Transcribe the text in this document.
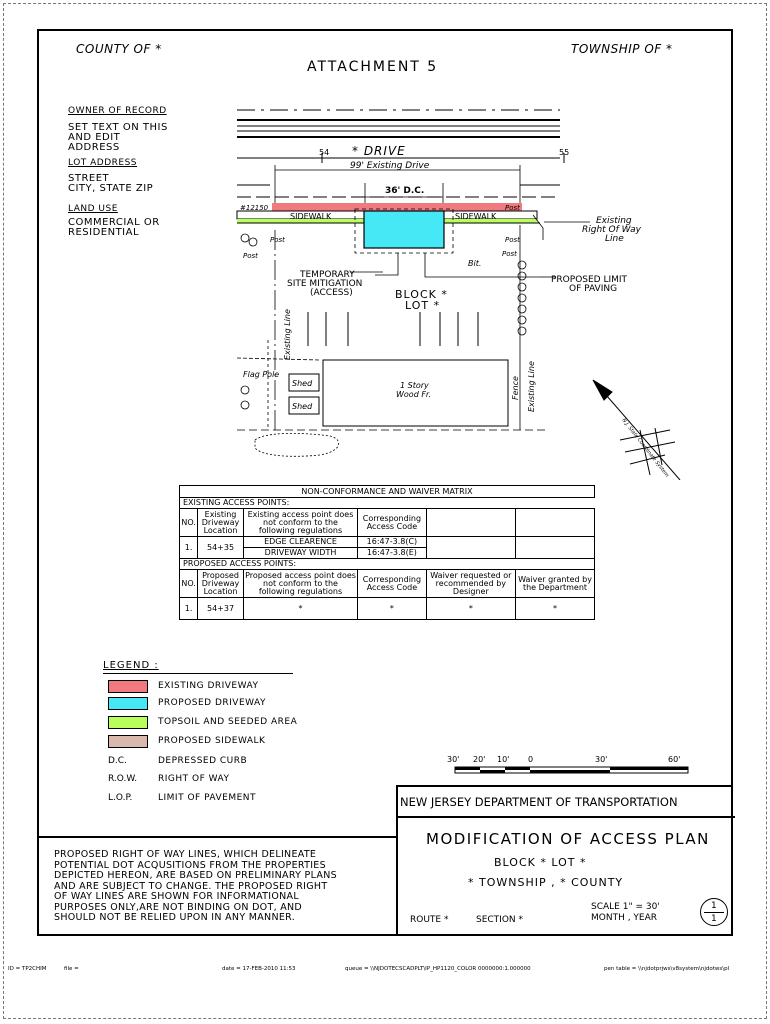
COUNTY OF *	TOWNSHIP OF *
ATTACHMENT 5
OWNER OF RECORD
SET TEXT ON THIS
AND EDIT
ADDRESS
LOT ADDRESS
STREET
CITY, STATE ZIP
LAND USE
COMMERCIAL OR
RESIDENTIAL
54	55
* DRIVE
99' Existing Drive
36' D.C.
#12150
SIDEWALK	SIDEWALK
Post
Post
Post
Post
Post
Existing
Right Of Way
Line
TEMPORARY
SITE MITIGATION
(ACCESS)	BLOCK *
LOT *
Bit.
PROPOSED LIMIT
OF PAVING
Existing Line
Flag Pole
Shed
Shed
1 Story
Wood Fr.	Fence Existing Line
N.J. State Coordinate System
NON-CONFORMANCE AND WAIVER MATRIX					
EXISTING ACCESS POINTS:					
NO.	Existing Driveway Location	Existing access point does not conform to the following regulations	Corresponding Access Code		
1.	54+35	EDGE CLEARENCE	16:47-3.8(C)		
		DRIVEWAY WIDTH	16:47-3.8(E)		
PROPOSED ACCESS POINTS:					
NO.	Proposed Driveway Location	Proposed access point does not conform to the following regulations	Corresponding Access Code	Waiver requested or recommended by Designer	Waiver granted by the Department
1.	54+37	*	*	*	*
LEGEND :
EXISTING DRIVEWAY
PROPOSED DRIVEWAY
TOPSOIL AND SEEDED AREA
PROPOSED SIDEWALK
D.C.	DEPRESSED CURB
R.O.W. RIGHT OF WAY
L.O.P.	LIMIT OF PAVEMENT
30' 20' 10' 0	30'	60'
NEW JERSEY DEPARTMENT OF TRANSPORTATION
MODIFICATION OF ACCESS PLAN
BLOCK * LOT *
* TOWNSHIP , * COUNTY
ROUTE *	SECTION *
SCALE 1" = 30'
MONTH , YEAR
1
1
PROPOSED RIGHT OF WAY LINES, WHICH DELINEATE
POTENTIAL DOT ACQUSITIONS FROM THE PROPERTIES
DEPICTED HEREON, ARE BASED ON PRELIMINARY PLANS
AND ARE SUBJECT TO CHANGE. THE PROPOSED RIGHT
OF WAY LINES ARE SHOWN FOR INFORMATIONAL
PURPOSES ONLY,ARE NOT BINDING ON DOT, AND
SHOULD NOT BE RELIED UPON IN ANY MANNER.
ID = TP2CHIM	file =	date = 17-FEB-2010 11:53	queue = \\NJDOTECSCADPLT\IP_HP1120_COLOR 0000000:1.000000	pen table = \\njdotprjws\v8system\njdotws\pl
